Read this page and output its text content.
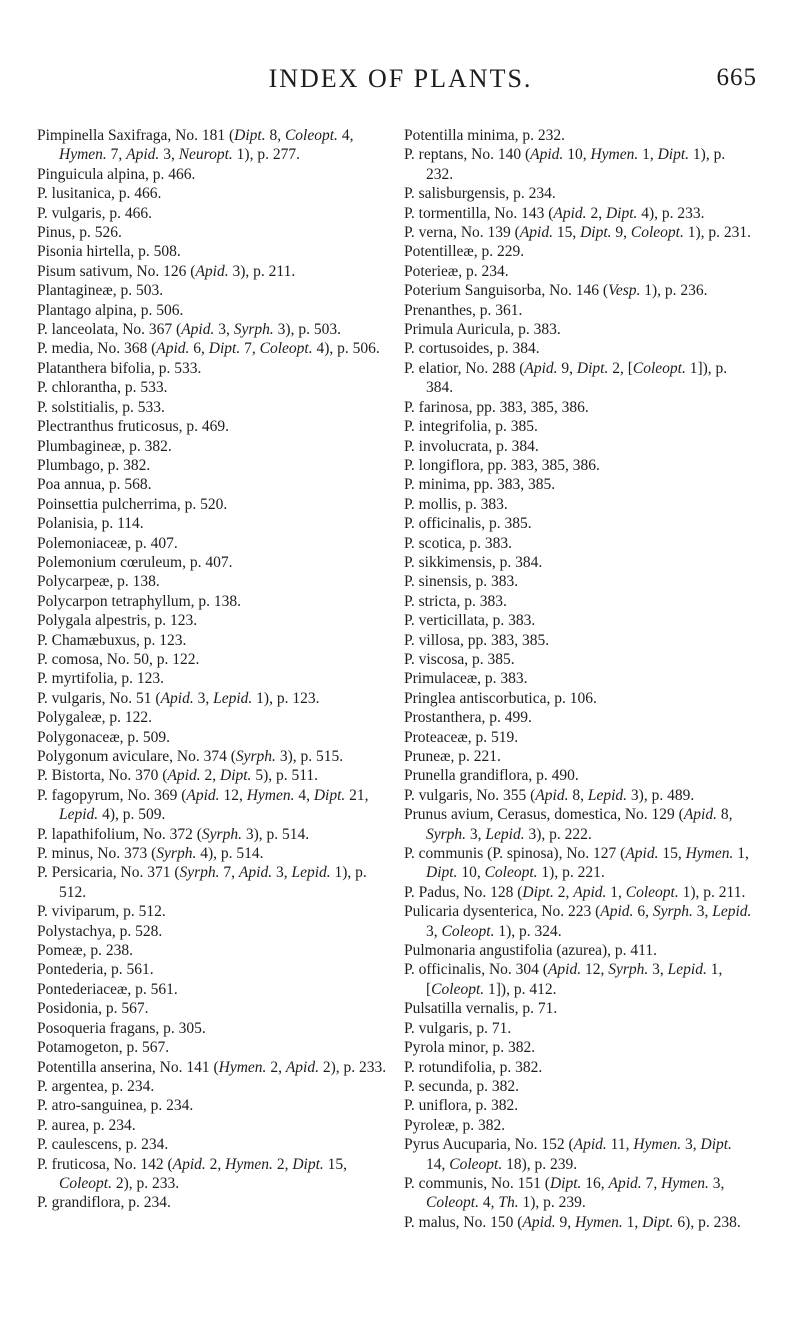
INDEX OF PLANTS.	665

Pimpinella Saxifraga, No. 181 (Dipt. 8, Coleopt. 4, Hymen. 7, Apid. 3, Neuropt. 1), p. 277.

Pinguicula alpina, p. 466.

P. lusitanica, p. 466.

P. vulgaris, p. 466.

Pinus, p. 526.

Pisonia hirtella, p. 508.

Pisum sativum, No. 126 (Apid. 3), p. 211.

Plantagineæ, p. 503.

Plantago alpina, p. 506.

P. lanceolata, No. 367 (Apid. 3, Syrph. 3), p. 503.

P. media, No. 368 (Apid. 6, Dipt. 7, Coleopt. 4), p. 506.

Platanthera bifolia, p. 533.

P. chlorantha, p. 533.

P. solstitialis, p. 533.

Plectranthus fruticosus, p. 469.

Plumbagineæ, p. 382.

Plumbago, p. 382.

Poa annua, p. 568.

Poinsettia pulcherrima, p. 520.

Polanisia, p. 114.

Polemoniaceæ, p. 407.

Polemonium cœruleum, p. 407.

Polycarpeæ, p. 138.

Polycarpon tetraphyllum, p. 138.

Polygala alpestris, p. 123.

P. Chamæbuxus, p. 123.

P. comosa, No. 50, p. 122.

P. myrtifolia, p. 123.

P. vulgaris, No. 51 (Apid. 3, Lepid. 1), p. 123.

Polygaleæ, p. 122.

Polygonaceæ, p. 509.

Polygonum aviculare, No. 374 (Syrph. 3), p. 515.

P. Bistorta, No. 370 (Apid. 2, Dipt. 5), p. 511.

P. fagopyrum, No. 369 (Apid. 12, Hymen. 4, Dipt. 21, Lepid. 4), p. 509.

P. lapathifolium, No. 372 (Syrph. 3), p. 514.

P. minus, No. 373 (Syrph. 4), p. 514.

P. Persicaria, No. 371 (Syrph. 7, Apid. 3, Lepid. 1), p. 512.

P. viviparum, p. 512.

Polystachya, p. 528.

Pomeæ, p. 238.

Pontederia, p. 561.

Pontederiaceæ, p. 561.

Posidonia, p. 567.

Posoqueria fragans, p. 305.

Potamogeton, p. 567.

Potentilla anserina, No. 141 (Hymen. 2, Apid. 2), p. 233.

P. argentea, p. 234.

P. atro-sanguinea, p. 234.

P. aurea, p. 234.

P. caulescens, p. 234.

P. fruticosa, No. 142 (Apid. 2, Hymen. 2, Dipt. 15, Coleopt. 2), p. 233.

P. grandiflora, p. 234.

Potentilla minima, p. 232.

P. reptans, No. 140 (Apid. 10, Hymen. 1, Dipt. 1), p. 232.

P. salisburgensis, p. 234.

P. tormentilla, No. 143 (Apid. 2, Dipt. 4), p. 233.

P. verna, No. 139 (Apid. 15, Dipt. 9, Coleopt. 1), p. 231.

Potentilleæ, p. 229.

Poterieæ, p. 234.

Poterium Sanguisorba, No. 146 (Vesp. 1), p. 236.

Prenanthes, p. 361.

Primula Auricula, p. 383.

P. cortusoides, p. 384.

P. elatior, No. 288 (Apid. 9, Dipt. 2, [Coleopt. 1]), p. 384.

P. farinosa, pp. 383, 385, 386.

P. integrifolia, p. 385.

P. involucrata, p. 384.

P. longiflora, pp. 383, 385, 386.

P. minima, pp. 383, 385.

P. mollis, p. 383.

P. officinalis, p. 385.

P. scotica, p. 383.

P. sikkimensis, p. 384.

P. sinensis, p. 383.

P. stricta, p. 383.

P. verticillata, p. 383.

P. villosa, pp. 383, 385.

P. viscosa, p. 385.

Primulaceæ, p. 383.

Pringlea antiscorbutica, p. 106.

Prostanthera, p. 499.

Proteaceæ, p. 519.

Pruneæ, p. 221.

Prunella grandiflora, p. 490.

P. vulgaris, No. 355 (Apid. 8, Lepid. 3), p. 489.

Prunus avium, Cerasus, domestica, No. 129 (Apid. 8, Syrph. 3, Lepid. 3), p. 222.

P. communis (P. spinosa), No. 127 (Apid. 15, Hymen. 1, Dipt. 10, Coleopt. 1), p. 221.

P. Padus, No. 128 (Dipt. 2, Apid. 1, Coleopt. 1), p. 211.

Pulicaria dysenterica, No. 223 (Apid. 6, Syrph. 3, Lepid. 3, Coleopt. 1), p. 324.

Pulmonaria angustifolia (azurea), p. 411.

P. officinalis, No. 304 (Apid. 12, Syrph. 3, Lepid. 1, [Coleopt. 1]), p. 412.

Pulsatilla vernalis, p. 71.

P. vulgaris, p. 71.

Pyrola minor, p. 382.

P. rotundifolia, p. 382.

P. secunda, p. 382.

P. uniflora, p. 382.

Pyroleæ, p. 382.

Pyrus Aucuparia, No. 152 (Apid. 11, Hymen. 3, Dipt. 14, Coleopt. 18), p. 239.

P. communis, No. 151 (Dipt. 16, Apid. 7, Hymen. 3, Coleopt. 4, Th. 1), p. 239.

P. malus, No. 150 (Apid. 9, Hymen. 1, Dipt. 6), p. 238.
